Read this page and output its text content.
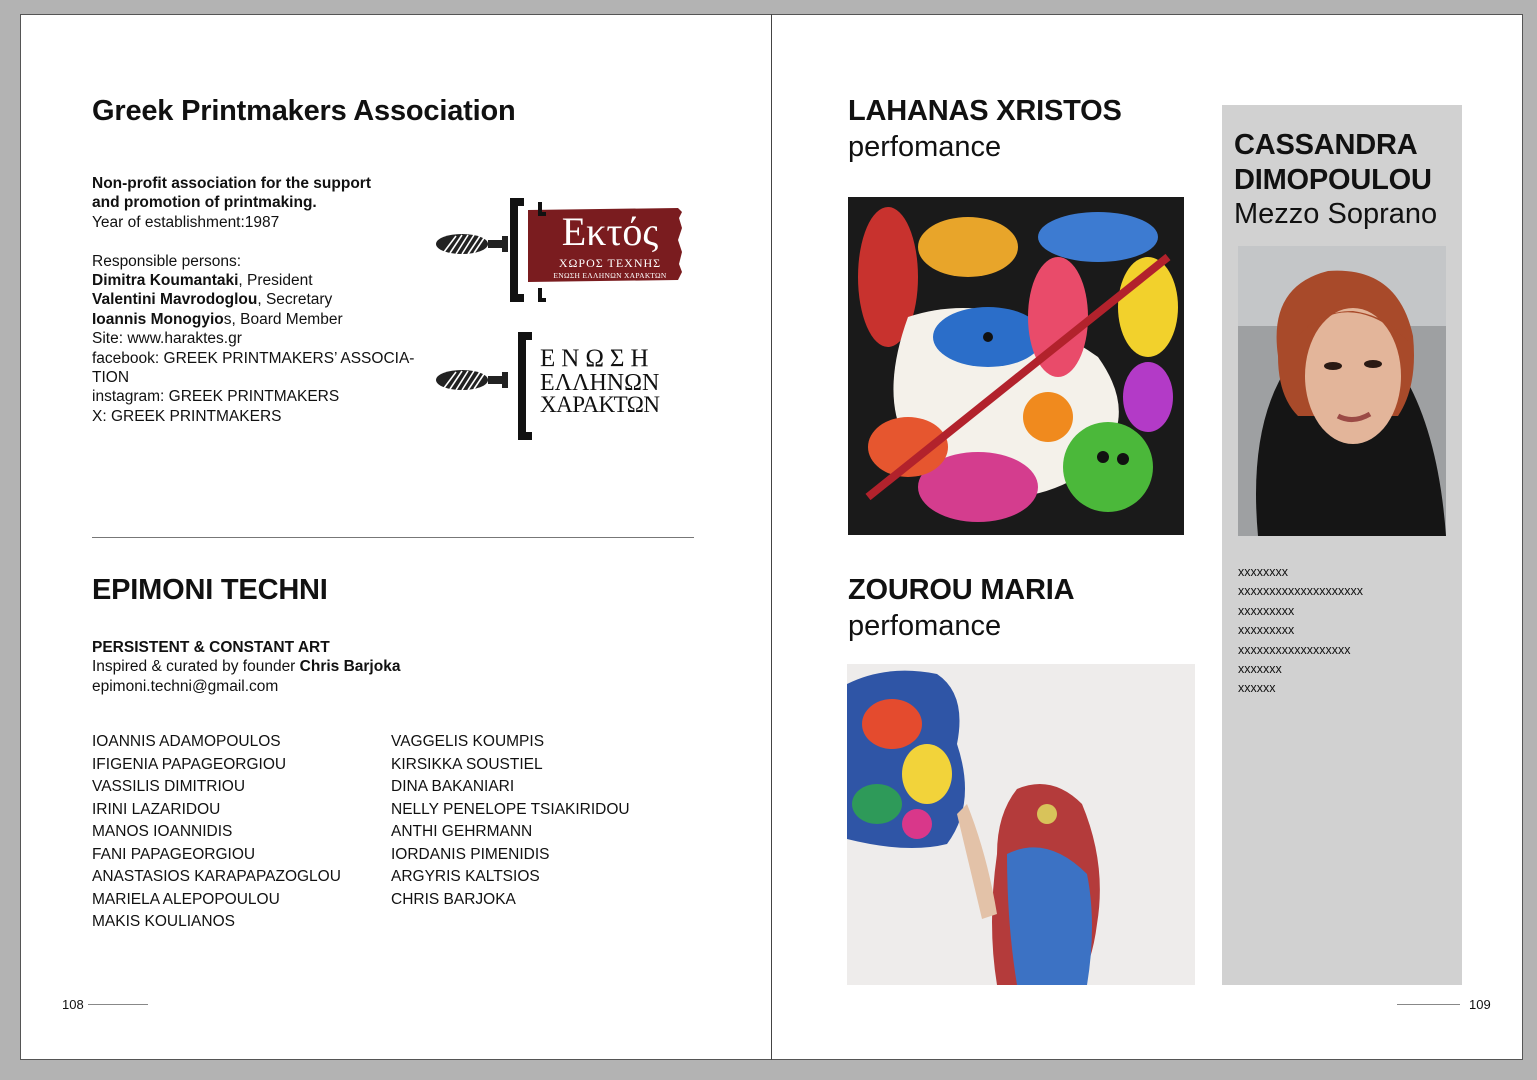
Greek Printmakers Association
Non-profit association for the support
and promotion of printmaking.
Year of establishment:1987
Responsible persons:
Dimitra Koumantaki, President
Valentini Mavrodoglou, Secretary
Ioannis Monogyios, Board Member
Site: www.haraktes.gr
facebook: GREEK PRINTMAKERS’ ASSOCIA-
TION
instagram: GREEK PRINTMAKERS
X: GREEK PRINTMAKERS
Εκτός
ΧΩΡΟΣ ΤΕΧΝΗΣ
ΕΝΩΣΗ ΕΛΛΗΝΩΝ ΧΑΡΑΚΤΩΝ
ΕΝΩΣΗ
ΕΛΛΗΝΩΝ
ΧΑΡΑΚΤΩΝ
EPIMONI TECHNI
PERSISTENT & CONSTANT ART
Inspired & curated by founder Chris Barjoka
epimoni.techni@gmail.com
IOANNIS ADAMOPOULOS
IFIGENIA PAPAGEORGIOU
VASSILIS DIMITRIOU
IRINI LAZARIDOU
MANOS IOANNIDIS
FANI PAPAGEORGIOU
ANASTASIOS KARAPAPAZOGLOU
MARIELA ALEPOPOULOU
MAKIS KOULIANOS
VAGGELIS KOUMPIS
KIRSIKKA SOUSTIEL
DINA BAKANIARI
NELLY PENELOPE TSIAKIRIDOU
ANTHI GEHRMANN
IORDANIS PIMENIDIS
ARGYRIS KALTSIOS
CHRIS BARJOKA
108
LAHANAS XRISTOS
perfomance
ZOUROU MARIA
perfomance
CASSANDRA
DIMOPOULOU
Mezzo Soprano
xxxxxxxx
xxxxxxxxxxxxxxxxxxxx
xxxxxxxxx
xxxxxxxxx
xxxxxxxxxxxxxxxxxx
xxxxxxx
xxxxxx
109
